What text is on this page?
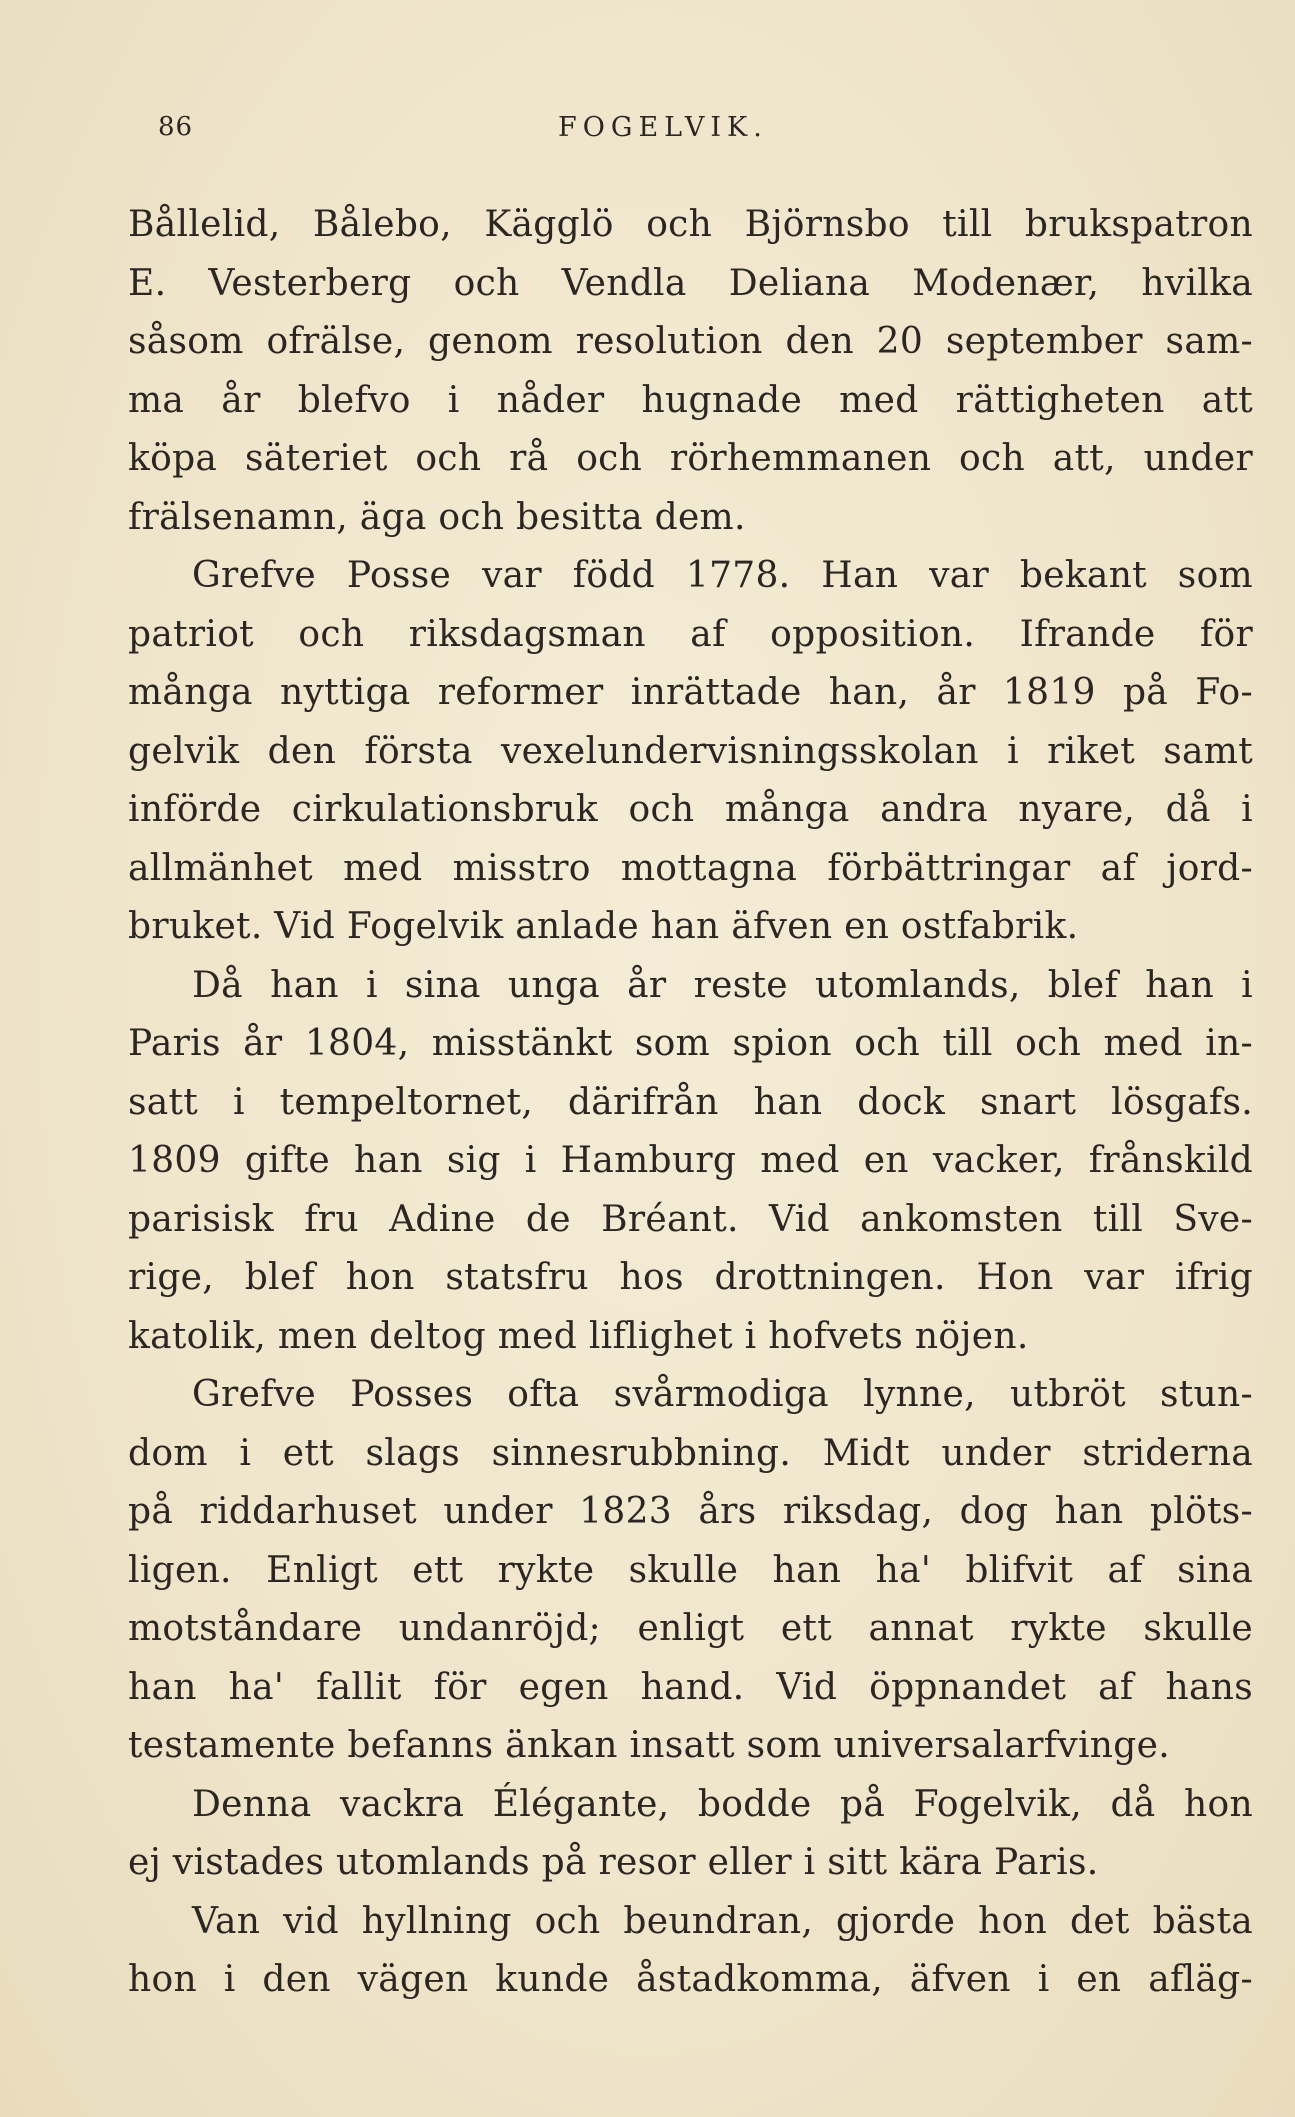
86	FOGELVIK.
Bållelid, Bålebo, Kägglö och Björnsbo till brukspatron
E. Vesterberg och Vendla Deliana Modenær, hvilka
såsom ofrälse, genom resolution den 20 september sam-
ma år blefvo i nåder hugnade med rättigheten att
köpa säteriet och rå och rörhemmanen och att, under
frälsenamn, äga och besitta dem.
Grefve Posse var född 1778. Han var bekant som
patriot och riksdagsman af opposition. Ifrande för
många nyttiga reformer inrättade han, år 1819 på Fo-
gelvik den första vexelundervisningsskolan i riket samt
införde cirkulationsbruk och många andra nyare, då i
allmänhet med misstro mottagna förbättringar af jord-
bruket. Vid Fogelvik anlade han äfven en ostfabrik.
Då han i sina unga år reste utomlands, blef han i
Paris år 1804, misstänkt som spion och till och med in-
satt i tempeltornet, därifrån han dock snart lösgafs.
1809 gifte han sig i Hamburg med en vacker, frånskild
parisisk fru Adine de Bréant. Vid ankomsten till Sve-
rige, blef hon statsfru hos drottningen. Hon var ifrig
katolik, men deltog med liflighet i hofvets nöjen.
Grefve Posses ofta svårmodiga lynne, utbröt stun-
dom i ett slags sinnesrubbning. Midt under striderna
på riddarhuset under 1823 års riksdag, dog han plöts-
ligen. Enligt ett rykte skulle han ha' blifvit af sina
motståndare undanröjd; enligt ett annat rykte skulle
han ha' fallit för egen hand. Vid öppnandet af hans
testamente befanns änkan insatt som universalarfvinge.
Denna vackra Élégante, bodde på Fogelvik, då hon
ej vistades utomlands på resor eller i sitt kära Paris.
Van vid hyllning och beundran, gjorde hon det bästa
hon i den vägen kunde åstadkomma, äfven i en afläg-
